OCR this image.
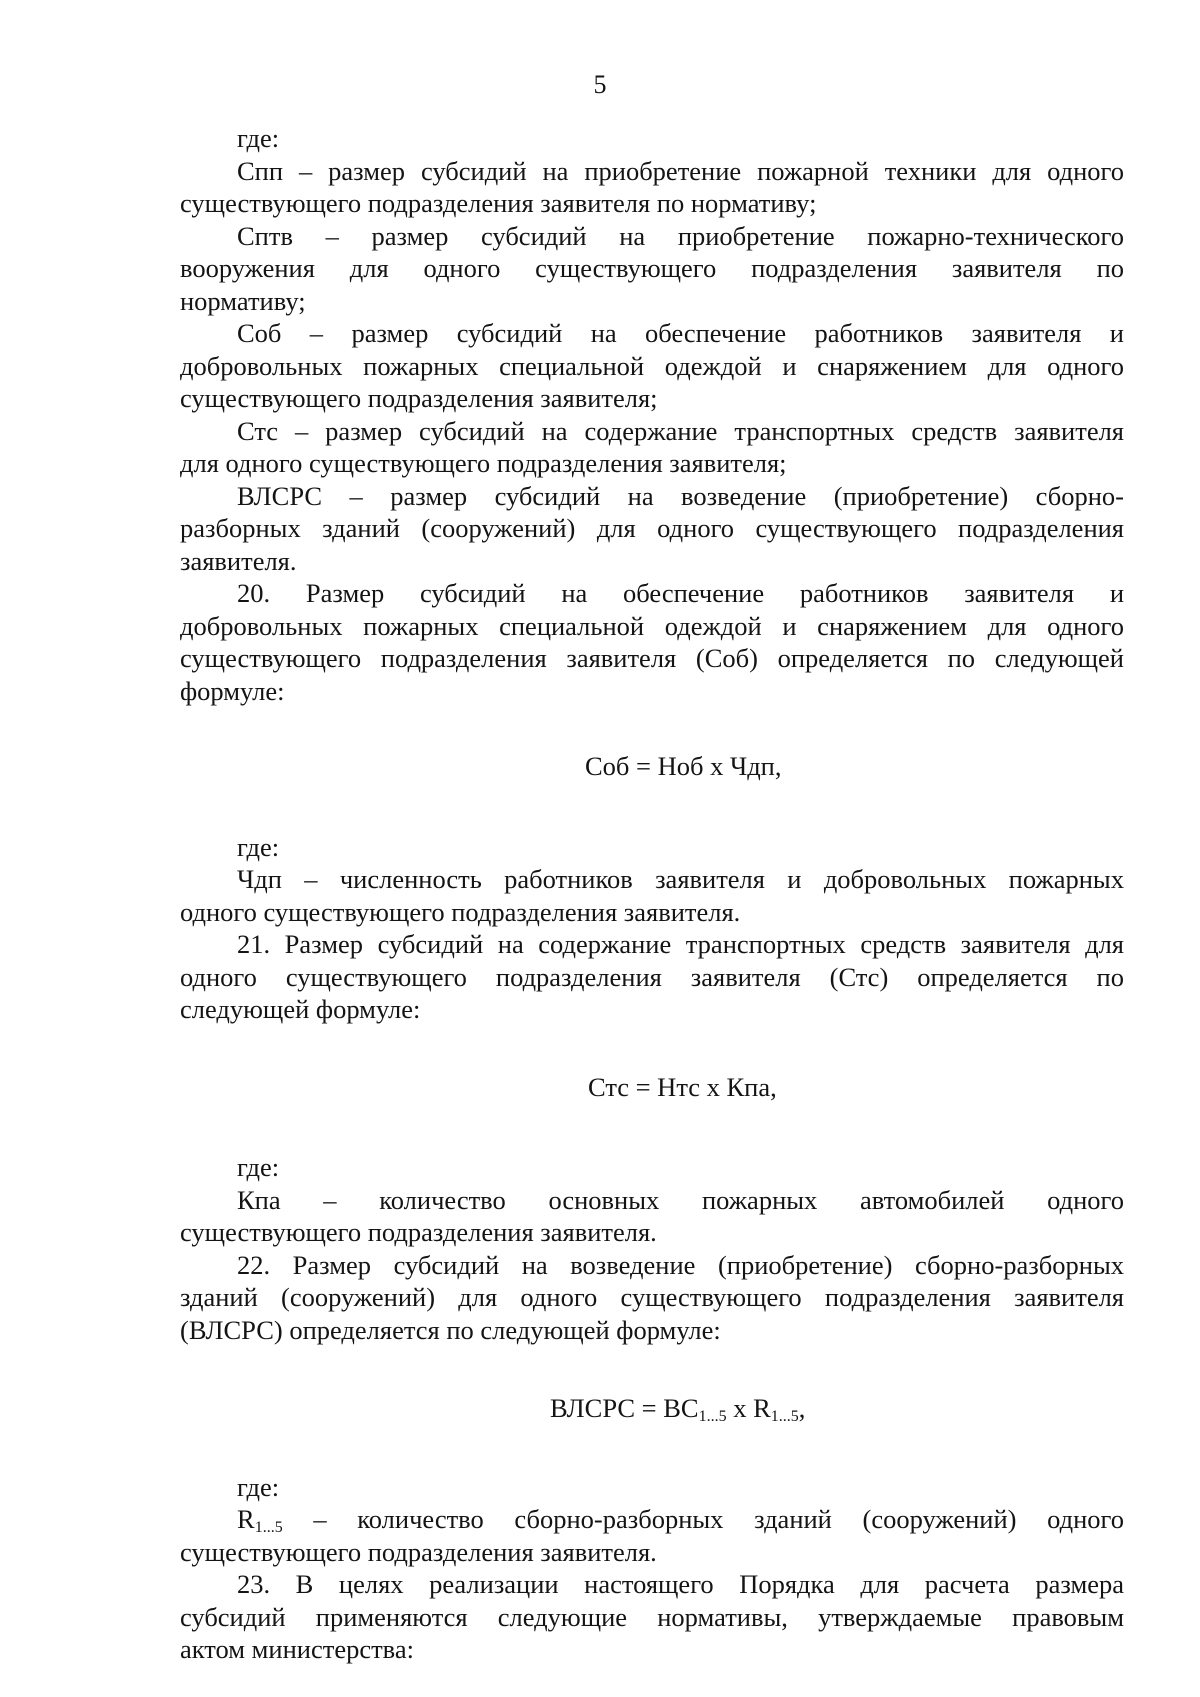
5
где:
Спп – размер субсидий на приобретение пожарной техники для одного
существующего подразделения заявителя по нормативу;
Сптв – размер субсидий на приобретение пожарно-технического
вооружения для одного существующего подразделения заявителя по
нормативу;
Соб – размер субсидий на обеспечение работников заявителя и
добровольных пожарных специальной одеждой и снаряжением для одного
существующего подразделения заявителя;
Стс – размер субсидий на содержание транспортных средств заявителя
для одного существующего подразделения заявителя;
ВЛСРС – размер субсидий на возведение (приобретение) сборно-
разборных зданий (сооружений) для одного существующего подразделения
заявителя.
20. Размер субсидий на обеспечение работников заявителя и
добровольных пожарных специальной одеждой и снаряжением для одного
существующего подразделения заявителя (Соб) определяется по следующей
формуле:
Соб = Ноб х Чдп,
где:
Чдп – численность работников заявителя и добровольных пожарных
одного существующего подразделения заявителя.
21. Размер субсидий на содержание транспортных средств заявителя для
одного существующего подразделения заявителя (Стс) определяется по
следующей формуле:
Стс = Нтс х Кпа,
где:
Кпа – количество основных пожарных автомобилей одного
существующего подразделения заявителя.
22. Размер субсидий на возведение (приобретение) сборно-разборных
зданий (сооружений) для одного существующего подразделения заявителя
(ВЛСРС) определяется по следующей формуле:
ВЛСРС = $ВС_{1...5}$ х $R_{1...5}$,
где:
$R_{1...5}$ – количество сборно-разборных зданий (сооружений) одного
существующего подразделения заявителя.
23. В целях реализации настоящего Порядка для расчета размера
субсидий применяются следующие нормативы, утверждаемые правовым
актом министерства:
